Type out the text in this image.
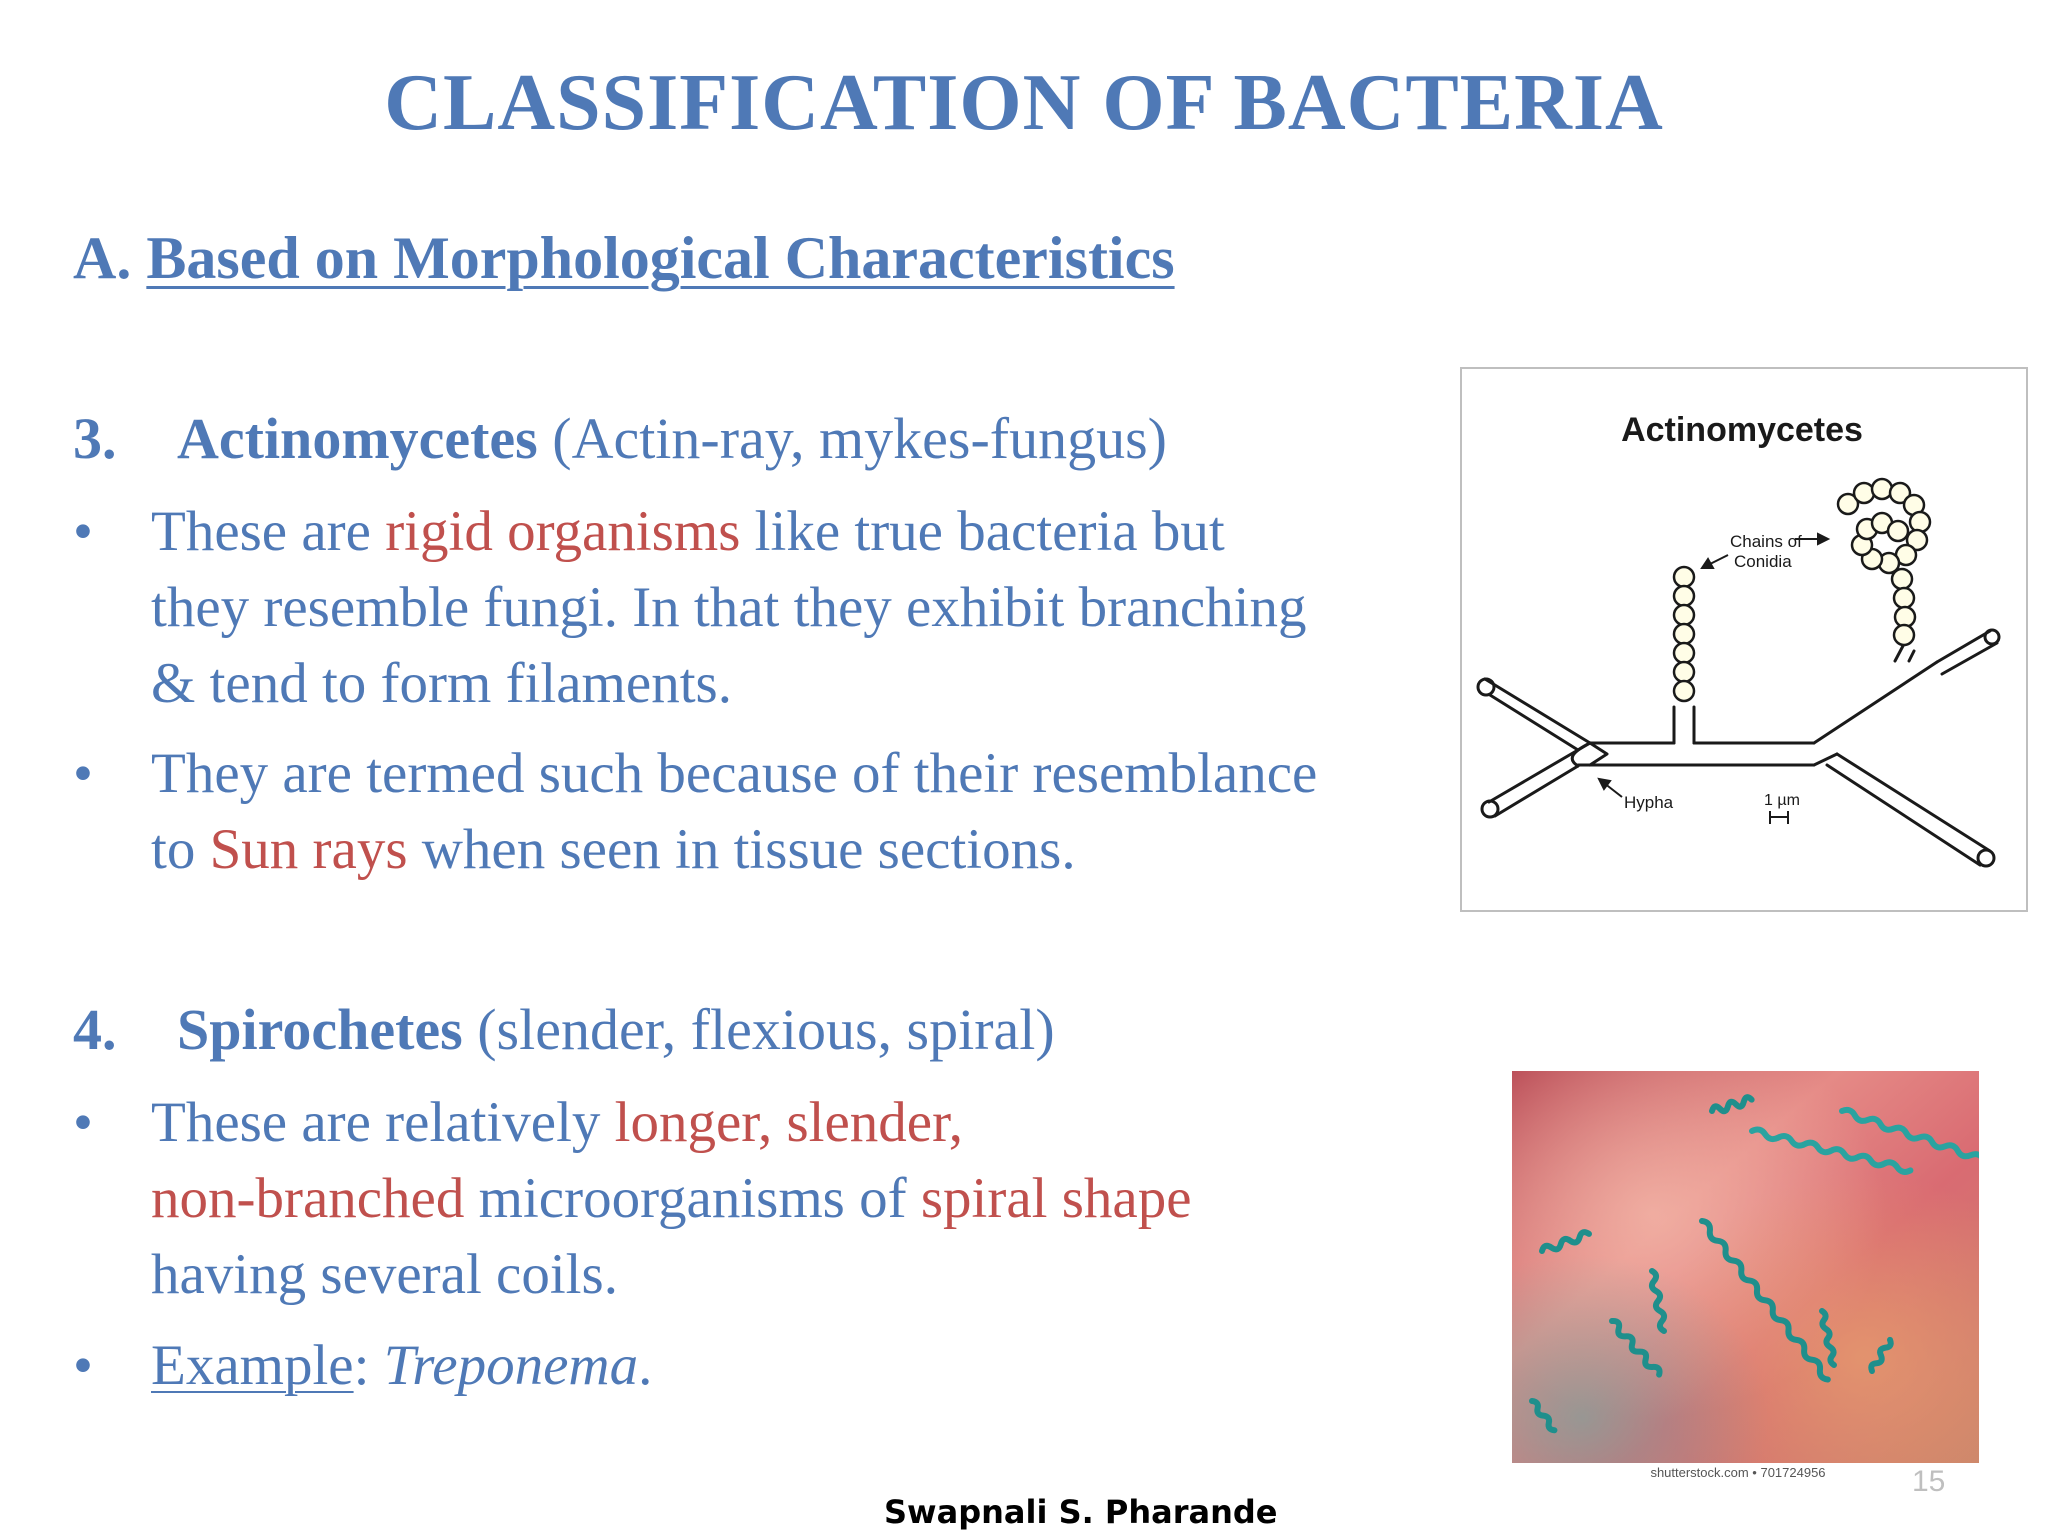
CLASSIFICATION OF BACTERIA
A. Based on Morphological Characteristics
3. Actinomycetes (Actin-ray, mykes-fungus)
•	These are rigid organisms like true bacteria but
they resemble fungi. In that they exhibit branching
& tend to form filaments.
•	They are termed such because of their resemblance
to Sun rays when seen in tissue sections.
4. Spirochetes (slender, flexious, spiral)
•	These are relatively longer, slender,
non-branched microorganisms of spiral shape
having several coils.
•	Example: Treponema.
Actinomycetes
Chains of
Conidia
Hypha	1 µm
shutterstock.com • 701724956	15
Swapnali S. Pharande
